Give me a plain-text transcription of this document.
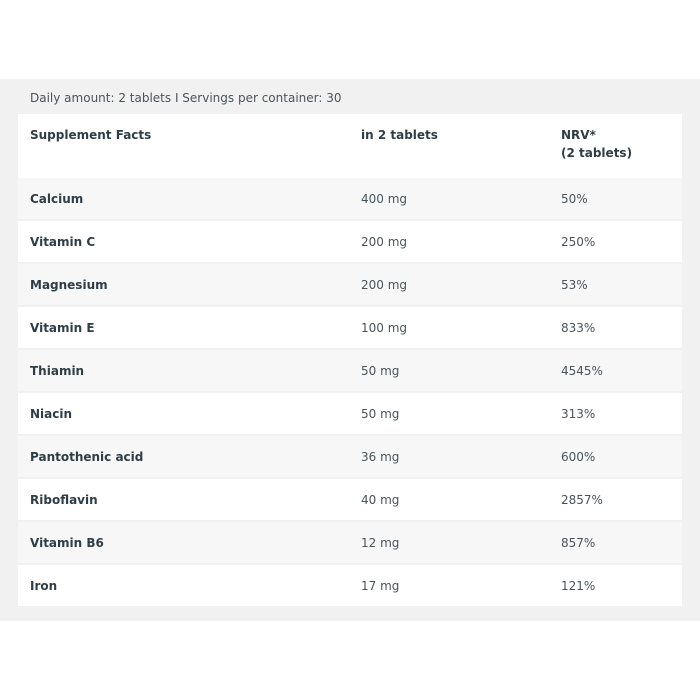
Daily amount: 2 tablets I Servings per container: 30
Supplement Facts	in 2 tablets	NRV*
(2 tablets)
Calcium	400 mg	50%
Vitamin C	200 mg	250%
Magnesium	200 mg	53%
Vitamin E	100 mg	833%
Thiamin	50 mg	4545%
Niacin	50 mg	313%
Pantothenic acid	36 mg	600%
Riboflavin	40 mg	2857%
Vitamin B6	12 mg	857%
Iron	17 mg	121%
